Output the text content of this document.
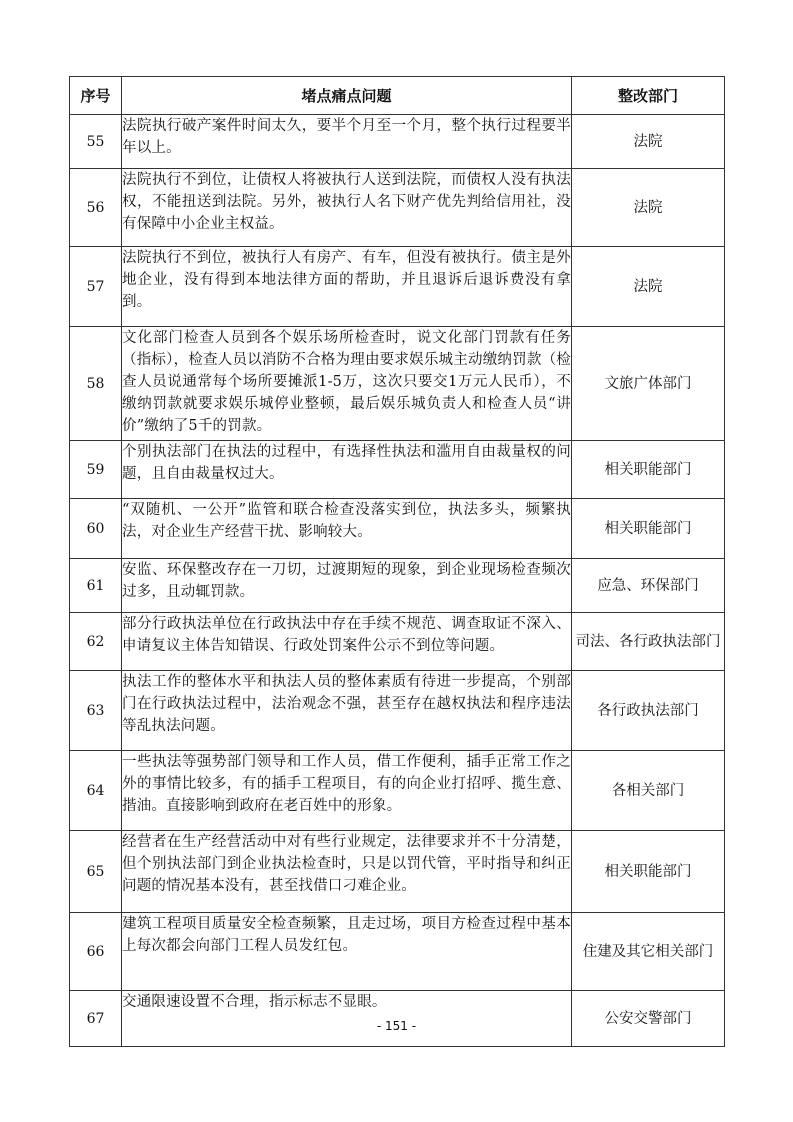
序号	堵点痛点问题	整改部门
55	法院执行破产案件时间太久，要半个月至一个月，整个执行过程要半年以上。	法院
56	法院执行不到位，让债权人将被执行人送到法院，而债权人没有执法权，不能扭送到法院。另外，被执行人名下财产优先判给信用社，没有保障中小企业主权益。	法院
57	法院执行不到位，被执行人有房产、有车，但没有被执行。债主是外地企业，没有得到本地法律方面的帮助，并且退诉后退诉费没有拿到。	法院
58	文化部门检查人员到各个娱乐场所检查时，说文化部门罚款有任务（指标），检查人员以消防不合格为理由要求娱乐城主动缴纳罚款（检查人员说通常每个场所要摊派1-5万，这次只要交1万元人民币），不缴纳罚款就要求娱乐城停业整顿，最后娱乐城负责人和检查人员“讲价”缴纳了5千的罚款。	文旅广体部门
59	个别执法部门在执法的过程中，有选择性执法和滥用自由裁量权的问题，且自由裁量权过大。	相关职能部门
60	“双随机、一公开”监管和联合检查没落实到位，执法多头，频繁执法，对企业生产经营干扰、影响较大。	相关职能部门
61	安监、环保整改存在一刀切，过渡期短的现象，到企业现场检查频次过多，且动辄罚款。	应急、环保部门
62	部分行政执法单位在行政执法中存在手续不规范、调查取证不深入、申请复议主体告知错误、行政处罚案件公示不到位等问题。	司法、各行政执法部门
63	执法工作的整体水平和执法人员的整体素质有待进一步提高，个别部门在行政执法过程中，法治观念不强，甚至存在越权执法和程序违法等乱执法问题。	各行政执法部门
64	一些执法等强势部门领导和工作人员，借工作便利，插手正常工作之外的事情比较多，有的插手工程项目，有的向企业打招呼、揽生意、揩油。直接影响到政府在老百姓中的形象。	各相关部门
65	经营者在生产经营活动中对有些行业规定，法律要求并不十分清楚，但个别执法部门到企业执法检查时，只是以罚代管，平时指导和纠正问题的情况基本没有，甚至找借口刁难企业。	相关职能部门
66	建筑工程项目质量安全检查频繁，且走过场，项目方检查过程中基本上每次都会向部门工程人员发红包。	住建及其它相关部门
67	交通限速设置不合理，指示标志不显眼。	公安交警部门
- 151 -
